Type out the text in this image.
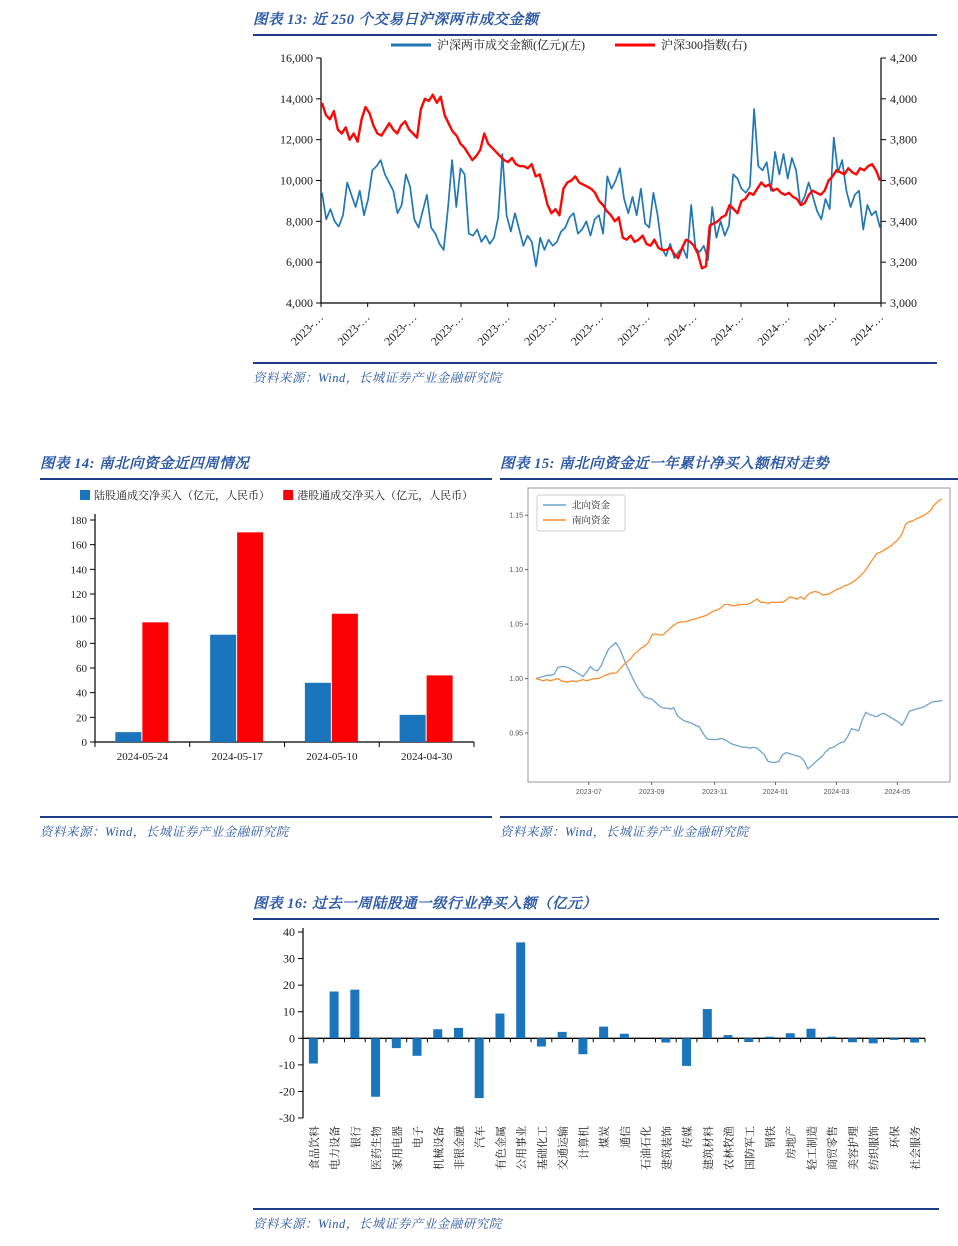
图表 13: 近 250 个交易日沪深两市成交金额
16,000
14,000
12,000
10,000
8,000
6,000
4,000
4,200
4,000
3,800
3,600
3,400
3,200
3,000
2023-… 2023-… 2023-… 2023-… 2023-… 2023-… 2023-… 2023-… 2024-… 2024-… 2024-… 2024-… 2024-…
沪深两市成交金额(亿元)(左)	沪深300指数(右)
资料来源：Wind，长城证券产业金融研究院
图表 14: 南北向资金近四周情况
0
20
40
60
80
100
120
140
160
180
2024-05-24	2024-05-17	2024-05-10	2024-04-30
陆股通成交净买入（亿元，人民币） 港股通成交净买入（亿元，人民币）
资料来源：Wind，长城证券产业金融研究院
图表 15: 南北向资金近一年累计净买入额相对走势
0.95
1.00
1.05
1.10
1.15
2023-07	2023-09	2023-11	2024-01	2024-03	2024-05
北向资金
南向资金
资料来源：Wind，长城证券产业金融研究院
图表 16: 过去一周陆股通一级行业净买入额（亿元）
40
30
20
10
0
-10
-20
-30
食品饮料 电力设备 银行 医药生物 家用电器 电子 机械设备 非银金融 汽车 有色金属 公用事业 基础化工 交通运输 计算机 煤炭 通信 石油石化 建筑装饰 传媒 建筑材料 农林牧渔 国防军工 钢铁 房地产 轻工制造 商贸零售 美容护理 纺织服饰 环保 社会服务
资料来源：Wind，长城证券产业金融研究院
